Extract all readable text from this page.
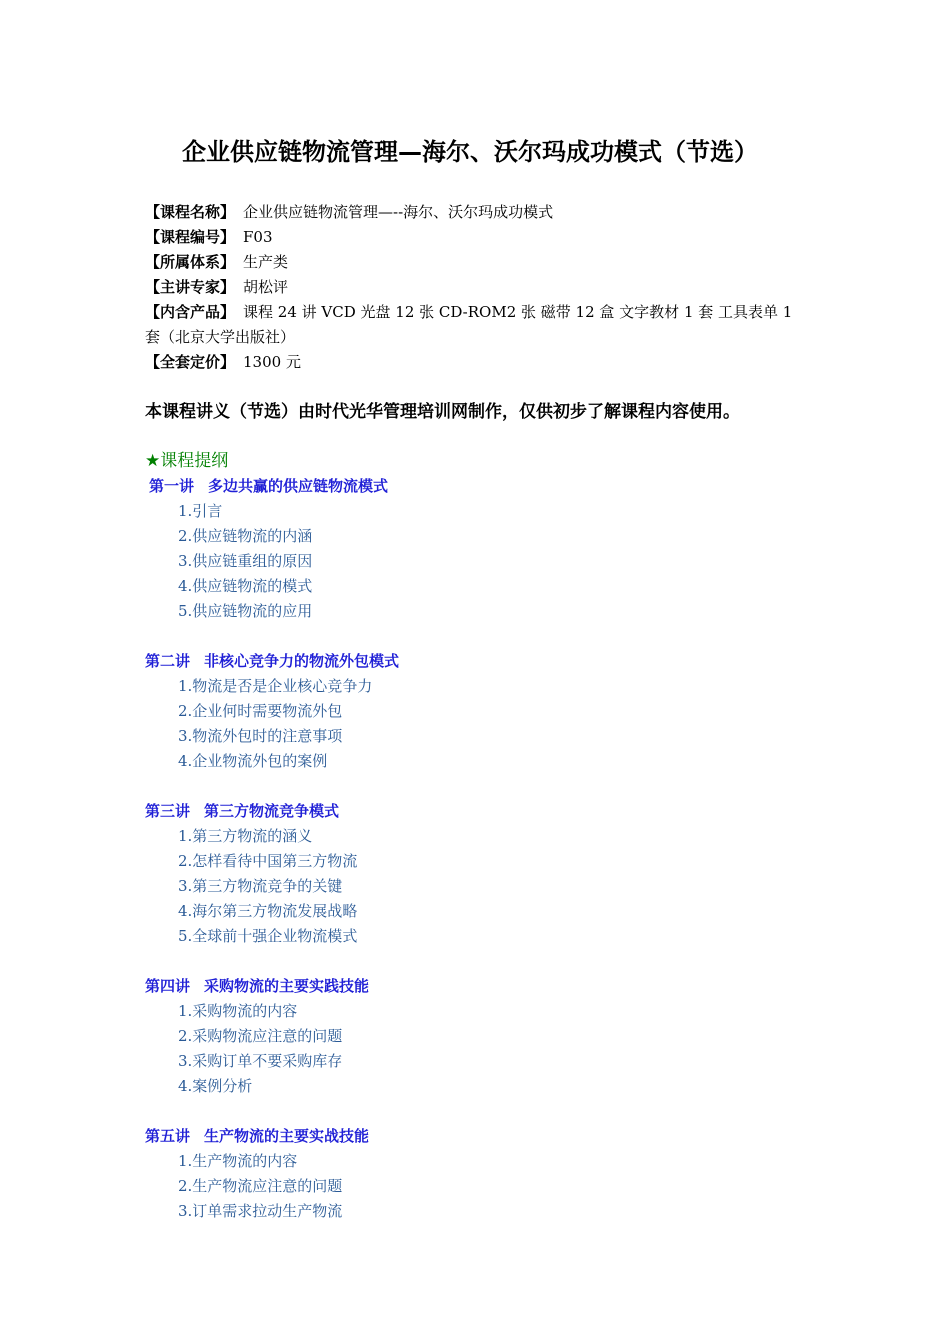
企业供应链物流管理—海尔、沃尔玛成功模式（节选）
【课程名称】 企业供应链物流管理—--海尔、沃尔玛成功模式
【课程编号】 F03
【所属体系】 生产类
【主讲专家】 胡松评
【内含产品】 课程 24 讲 VCD 光盘 12 张 CD-ROM2 张 磁带 12 盒 文字教材 1 套 工具表单 1
套（北京大学出版社）
【全套定价】 1300 元
本课程讲义（节选）由时代光华管理培训网制作，仅供初步了解课程内容使用。
★课程提纲
第一讲 多边共赢的供应链物流模式
1.引言
2.供应链物流的内涵
3.供应链重组的原因
4.供应链物流的模式
5.供应链物流的应用
第二讲 非核心竞争力的物流外包模式
1.物流是否是企业核心竞争力
2.企业何时需要物流外包
3.物流外包时的注意事项
4.企业物流外包的案例
第三讲 第三方物流竞争模式
1.第三方物流的涵义
2.怎样看待中国第三方物流
3.第三方物流竞争的关键
4.海尔第三方物流发展战略
5.全球前十强企业物流模式
第四讲 采购物流的主要实践技能
1.采购物流的内容
2.采购物流应注意的问题
3.采购订单不要采购库存
4.案例分析
第五讲 生产物流的主要实战技能
1.生产物流的内容
2.生产物流应注意的问题
3.订单需求拉动生产物流
